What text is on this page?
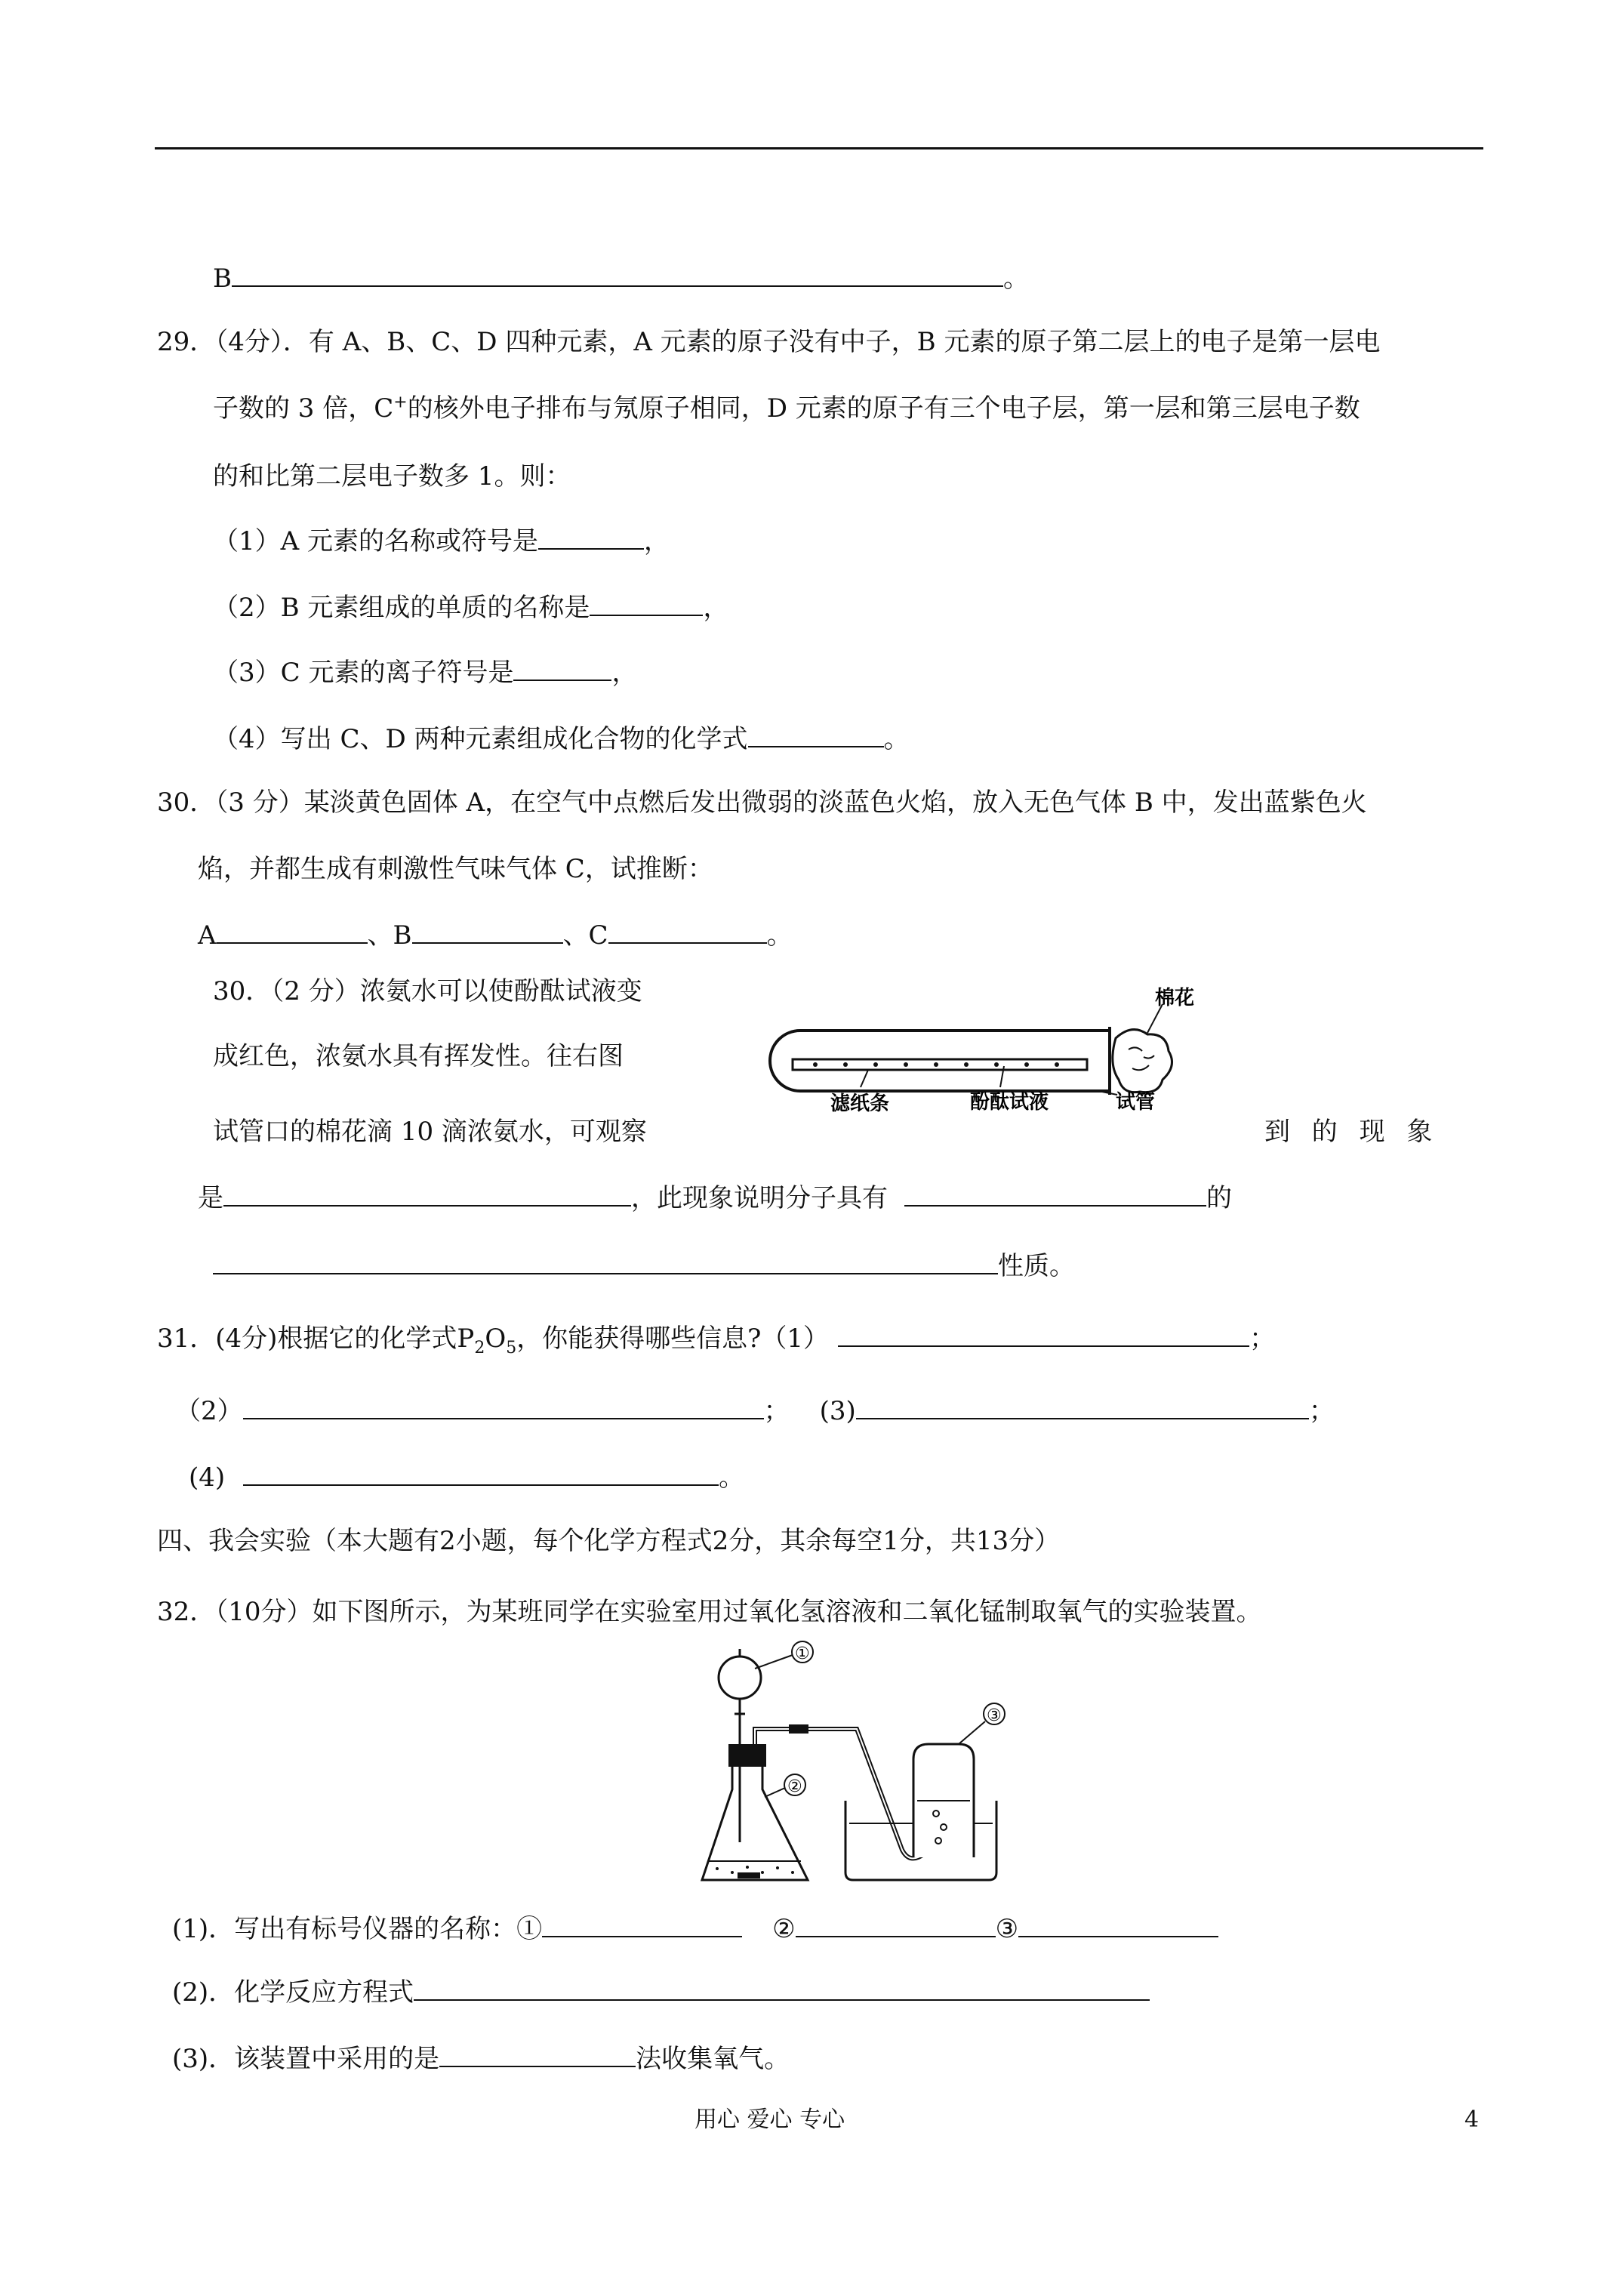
B	。
29．（4分）．有 A、B、C、D 四种元素，A 元素的原子没有中子，B 元素的原子第二层上的电子是第一层电
子数的 3 倍，C+的核外电子排布与氖原子相同，D 元素的原子有三个电子层，第一层和第三层电子数
的和比第二层电子数多 1。则：
（1）A 元素的名称或符号是	，
（2）B 元素组成的单质的名称是	，
（3）C 元素的离子符号是	，
（4）写出 C、D 两种元素组成化合物的化学式	。
30．（3 分）某淡黄色固体 A，在空气中点燃后发出微弱的淡蓝色火焰，放入无色气体 B 中，发出蓝紫色火
焰，并都生成有刺激性气味气体 C，试推断：
A	、B	、C	。
30．（2 分）浓氨水可以使酚酞试液变
成红色，浓氨水具有挥发性。往右图
试管口的棉花滴 10 滴浓氨水，可观察	到 的 现 象
棉花
滤纸条	酚酞试液	试管
是	，此现象说明分子具有	的
性质。
31．(4分)根据它的化学式$P_2O_5$，你能获得哪些信息?（1）	；
（2）	； (3)	；
(4)	。
四、我会实验（本大题有2小题，每个化学方程式2分，其余每空1分，共13分）
32．（10分）如下图所示，为某班同学在实验室用过氧化氢溶液和二氧化锰制取氧气的实验装置。
①
②
③
(1)．写出有标号仪器的名称：①	②	③
(2)．化学反应方程式
(3)．该装置中采用的是	法收集氧气。
用心 爱心 专心	4
